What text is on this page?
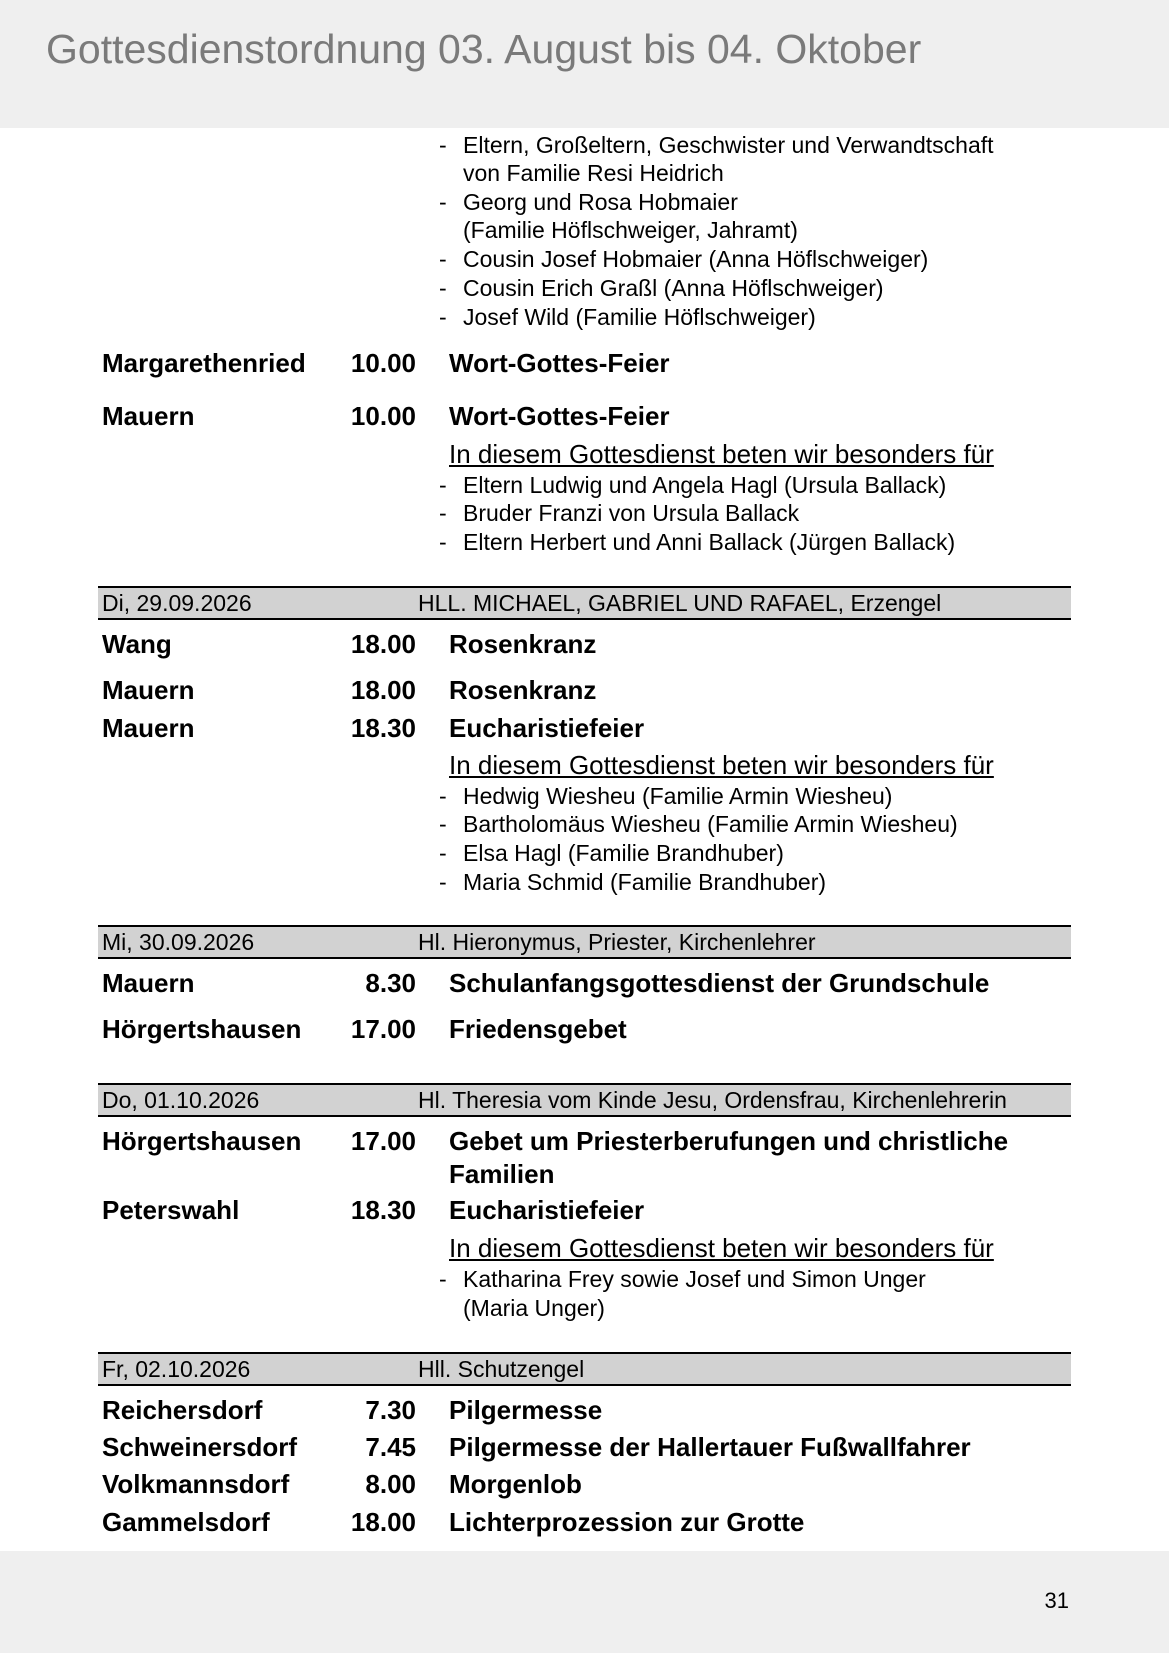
Gottesdienstordnung 03. August bis 04. Oktober
- Eltern, Großeltern, Geschwister und Verwandtschaft
von Familie Resi Heidrich
- Georg und Rosa Hobmaier
(Familie Höflschweiger, Jahramt)
- Cousin Josef Hobmaier (Anna Höflschweiger)
- Cousin Erich Graßl (Anna Höflschweiger)
- Josef Wild (Familie Höflschweiger)
Margarethenried	10.00 Wort-Gottes-Feier
Mauern	10.00 Wort-Gottes-Feier
In diesem Gottesdienst beten wir besonders für
- Eltern Ludwig und Angela Hagl (Ursula Ballack)
- Bruder Franzi von Ursula Ballack
- Eltern Herbert und Anni Ballack (Jürgen Ballack)
Di, 29.09.2026	HLL. MICHAEL, GABRIEL UND RAFAEL, Erzengel
Wang	18.00 Rosenkranz
Mauern	18.00 Rosenkranz
Mauern	18.30 Eucharistiefeier
In diesem Gottesdienst beten wir besonders für
- Hedwig Wiesheu (Familie Armin Wiesheu)
- Bartholomäus Wiesheu (Familie Armin Wiesheu)
- Elsa Hagl (Familie Brandhuber)
- Maria Schmid (Familie Brandhuber)
Mi, 30.09.2026	Hl. Hieronymus, Priester, Kirchenlehrer
Mauern	8.30 Schulanfangsgottesdienst der Grundschule
Hörgertshausen	17.00 Friedensgebet
Do, 01.10.2026	Hl. Theresia vom Kinde Jesu, Ordensfrau, Kirchenlehrerin
Hörgertshausen	17.00 Gebet um Priesterberufungen und christliche
Familien
Peterswahl	18.30 Eucharistiefeier
In diesem Gottesdienst beten wir besonders für
- Katharina Frey sowie Josef und Simon Unger
(Maria Unger)
Fr, 02.10.2026	Hll. Schutzengel
Reichersdorf	7.30 Pilgermesse
Schweinersdorf	7.45 Pilgermesse der Hallertauer Fußwallfahrer
Volkmannsdorf	8.00 Morgenlob
Gammelsdorf	18.00 Lichterprozession zur Grotte
31
